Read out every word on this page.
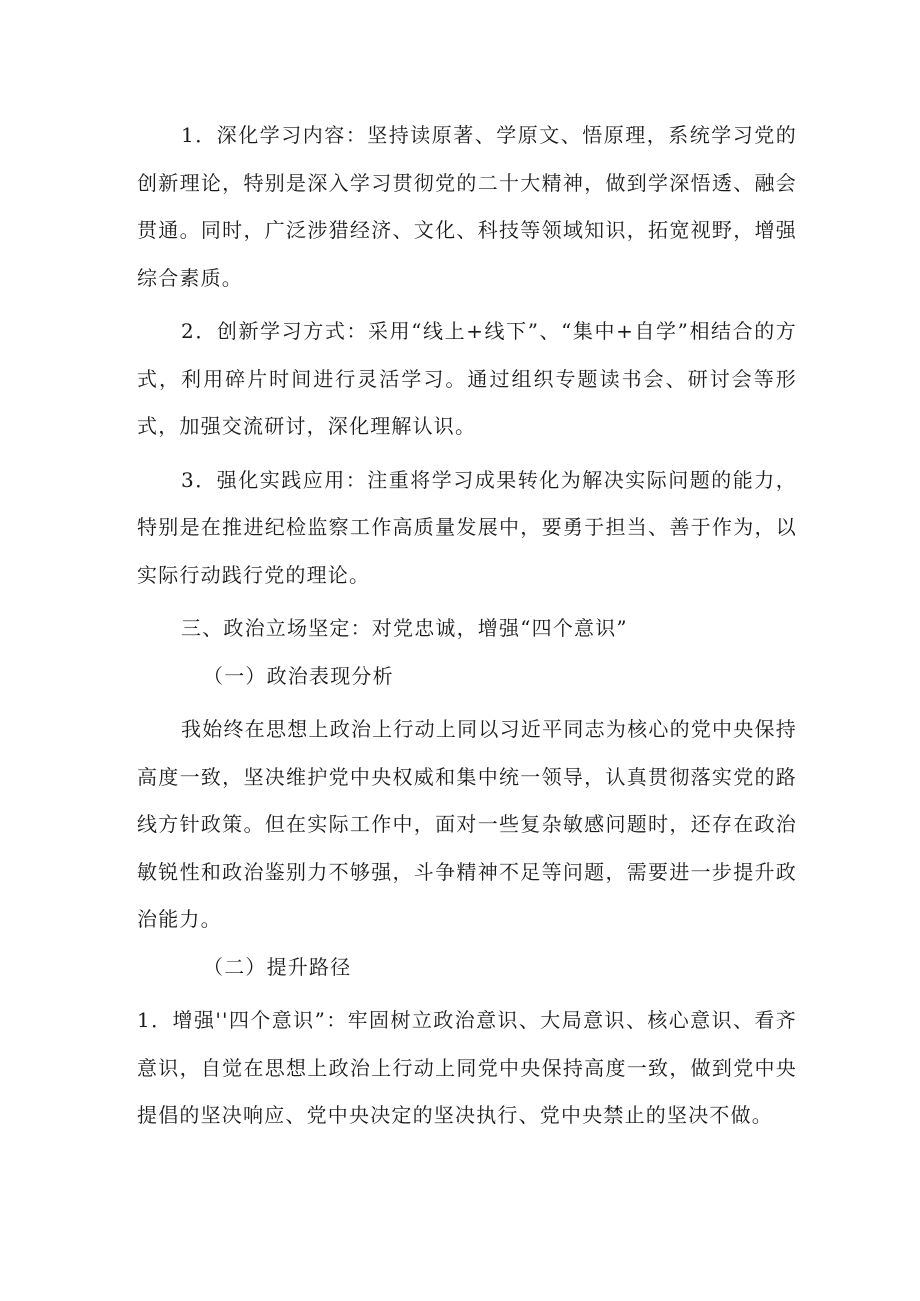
1．深化学习内容：坚持读原著、学原文、悟原理，系统学习党的创新理论，特别是深入学习贯彻党的二十大精神，做到学深悟透、融会贯通。同时，广泛涉猎经济、文化、科技等领域知识，拓宽视野，增强综合素质。

2．创新学习方式：采用“线上+线下”、“集中+自学”相结合的方式，利用碎片时间进行灵活学习。通过组织专题读书会、研讨会等形式，加强交流研讨，深化理解认识。

3．强化实践应用：注重将学习成果转化为解决实际问题的能力，特别是在推进纪检监察工作高质量发展中，要勇于担当、善于作为，以实际行动践行党的理论。

三、政治立场坚定：对党忠诚，增强“四个意识”

（一）政治表现分析

我始终在思想上政治上行动上同以习近平同志为核心的党中央保持高度一致，坚决维护党中央权威和集中统一领导，认真贯彻落实党的路线方针政策。但在实际工作中，面对一些复杂敏感问题时，还存在政治敏锐性和政治鉴别力不够强，斗争精神不足等问题，需要进一步提升政治能力。

（二）提升路径

1．增强''四个意识”：牢固树立政治意识、大局意识、核心意识、看齐意识，自觉在思想上政治上行动上同党中央保持高度一致，做到党中央提倡的坚决响应、党中央决定的坚决执行、党中央禁止的坚决不做。
